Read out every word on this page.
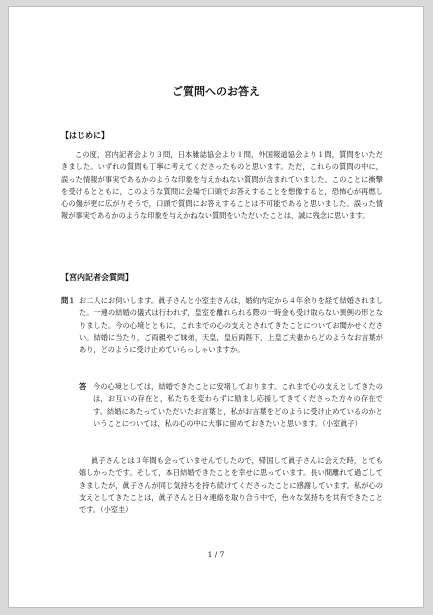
ご質問へのお答え
【はじめに】
この度，宮内記者会より３問，日本雑誌協会より１問，外国報道協会より１問，質問をいただきました。いずれの質問も丁寧に考えてくださったものと思います。ただ，これらの質問の中に，誤った情報が事実であるかのような印象を与えかねない質問が含まれていました。このことに衝撃を受けるとともに，このような質問に会場で口頭でお答えすることを想像すると，恐怖心が再燃し心の傷が更に広がりそうで，口頭で質問にお答えすることは不可能であると思いました。誤った情報が事実であるかのような印象を与えかねない質問をいただいたことは，誠に残念に思います。
【宮内記者会質問】
問１ お二人にお伺いします。眞子さんと小室圭さんは，婚約内定から４年余りを経て結婚されました。一連の結婚の儀式は行われず，皇室を離れられる際の一時金も受け取らない異例の形となりました。今の心境とともに，これまでの心の支えとされてきたことについてお聞かせください。結婚に当たり，ご両親やご妹弟，天皇，皇后両陛下，上皇ご夫妻からどのようなお言葉があり，どのように受け止めていらっしゃいますか。
答 今の心境としては，結婚できたことに安堵しております。これまで心の支えとしてきたのは，お互いの存在と，私たちを変わらずに励まし応援してきてくださった方々の存在です。結婚にあたっていただいたお言葉と，私がお言葉をどのように受け止めているのかということについては，私の心の中に大事に留めておきたいと思います。（小室眞子）
眞子さんとは３年間も会っていませんでしたので，帰国して眞子さんに会えた時，とても嬉しかったです。そして，本日結婚できたことを幸せに思っています。長い間離れて過ごしてきましたが，眞子さんが同じ気持ちを持ち続けてくださったことに感謝しています。私が心の支えとしてきたことは，眞子さんと日々連絡を取り合う中で，色々な気持ちを共有できたことです。（小室圭）
1 / 7
